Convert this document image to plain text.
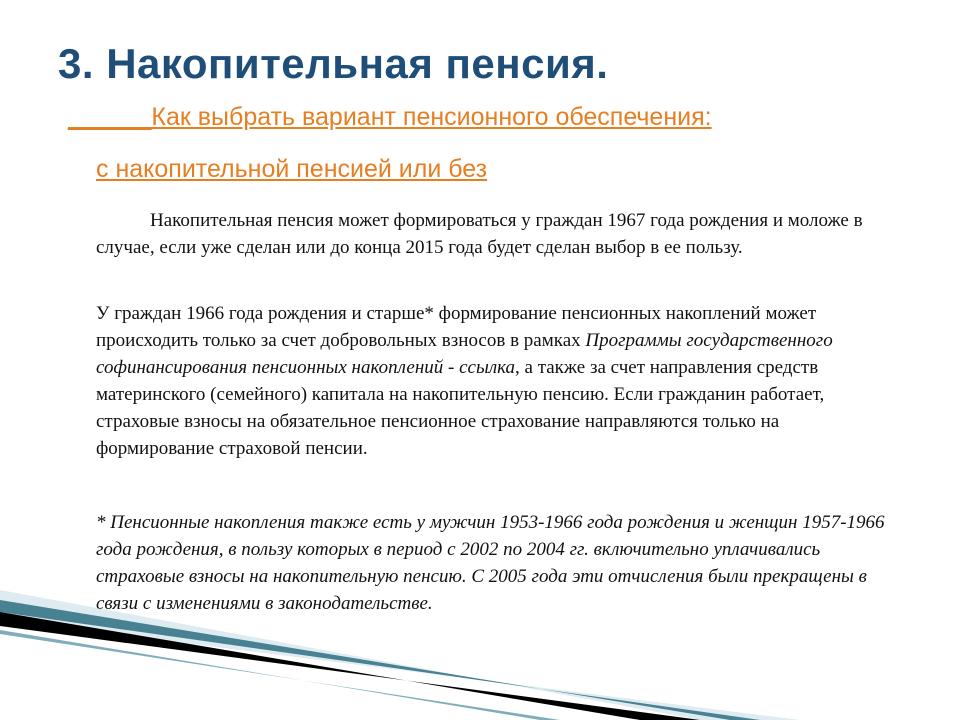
3. Накопительная пенсия.
______Как выбрать вариант пенсионного обеспечения:
с накопительной пенсией или без
Накопительная пенсия может формироваться у граждан 1967 года рождения и моложе в случае, если уже сделан или до конца 2015 года будет сделан выбор в ее пользу.
У граждан 1966 года рождения и старше* формирование пенсионных накоплений может происходить только за счет добровольных взносов в рамках Программы государственного софинансирования пенсионных накоплений - ссылка, а также за счет направления средств материнского (семейного) капитала на накопительную пенсию. Если гражданин работает, страховые взносы на обязательное пенсионное страхование направляются только на формирование страховой пенсии.
* Пенсионные накопления также есть у мужчин 1953-1966 года рождения и женщин 1957-1966 года рождения, в пользу которых в период с 2002 по 2004 гг. включительно уплачивались страховые взносы на накопительную пенсию. С 2005 года эти отчисления были прекращены в связи с изменениями в законодательстве.
